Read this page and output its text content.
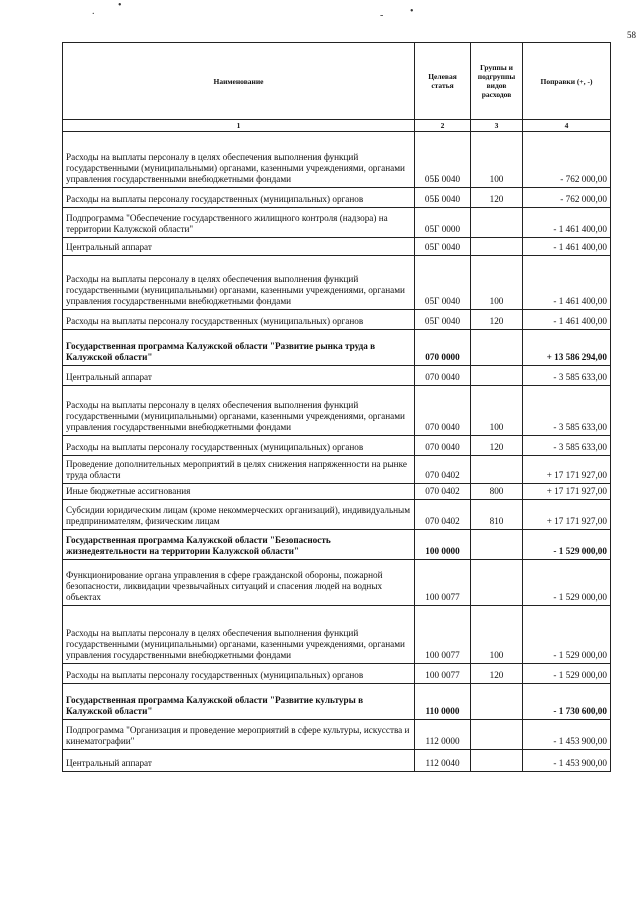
58
.
•
-	•
Наименование	Целевая статья	Группы и подгруппы видов расходов	Поправки (+, -)
1	2	3	4
Расходы на выплаты персоналу в целях обеспечения выполнения функций государственными (муниципальными) органами, казенными учреждениями, органами управления государственными внебюджетными фондами	05Б 0040	100	- 762 000,00
Расходы на выплаты персоналу государственных (муниципальных) органов	05Б 0040	120	- 762 000,00
Подпрограмма "Обеспечение государственного жилищного контроля (надзора) на территории Калужской области"	05Г 0000		- 1 461 400,00
Центральный аппарат	05Г 0040		- 1 461 400,00
Расходы на выплаты персоналу в целях обеспечения выполнения функций государственными (муниципальными) органами, казенными учреждениями, органами управления государственными внебюджетными фондами	05Г 0040	100	- 1 461 400,00
Расходы на выплаты персоналу государственных (муниципальных) органов	05Г 0040	120	- 1 461 400,00
Государственная программа Калужской области "Развитие рынка труда в Калужской области"	070 0000		+ 13 586 294,00
Центральный аппарат	070 0040		- 3 585 633,00
Расходы на выплаты персоналу в целях обеспечения выполнения функций государственными (муниципальными) органами, казенными учреждениями, органами управления государственными внебюджетными фондами	070 0040	100	- 3 585 633,00
Расходы на выплаты персоналу государственных (муниципальных) органов	070 0040	120	- 3 585 633,00
Проведение дополнительных мероприятий в целях снижения напряженности на рынке труда области	070 0402		+ 17 171 927,00
Иные бюджетные ассигнования	070 0402	800	+ 17 171 927,00
Субсидии юридическим лицам (кроме некоммерческих организаций), индивидуальным предпринимателям, физическим лицам	070 0402	810	+ 17 171 927,00
Государственная программа Калужской области "Безопасность жизнедеятельности на территории Калужской области"	100 0000		- 1 529 000,00
Функционирование органа управления в сфере гражданской обороны, пожарной безопасности, ликвидации чрезвычайных ситуаций и спасения людей на водных объектах	100 0077		- 1 529 000,00
Расходы на выплаты персоналу в целях обеспечения выполнения функций государственными (муниципальными) органами, казенными учреждениями, органами управления государственными внебюджетными фондами	100 0077	100	- 1 529 000,00
Расходы на выплаты персоналу государственных (муниципальных) органов	100 0077	120	- 1 529 000,00
Государственная программа Калужской области "Развитие культуры в Калужской области"	110 0000		- 1 730 600,00
Подпрограмма "Организация и проведение мероприятий в сфере культуры, искусства и кинематографии"	112 0000		- 1 453 900,00
Центральный аппарат	112 0040		- 1 453 900,00
